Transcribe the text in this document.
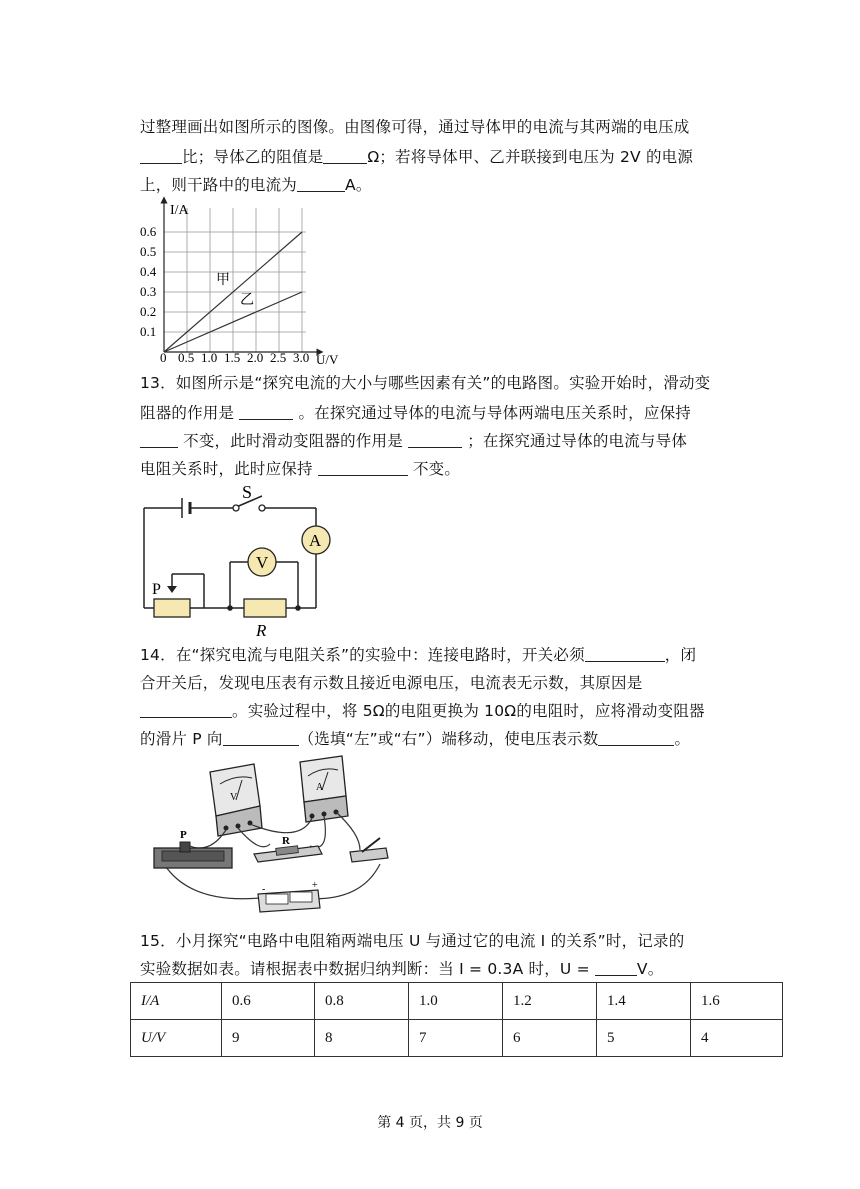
过整理画出如图所示的图像。由图像可得，通过导体甲的电流与其两端的电压成
比；导体乙的阻值是	Ω；若将导体甲、乙并联接到电压为 2V 的电源
上，则干路中的电流为	A。
I/A
U/V
0.6
0.5
0.4
0.3
0.2
0.1
0 0.5 1.0 1.5 2.0 2.5 3.0
甲
乙
13．如图所示是“探究电流的大小与哪些因素有关”的电路图。实验开始时，滑动变
阻器的作用是	。在探究通过导体的电流与导体两端电压关系时，应保持
不变，此时滑动变阻器的作用是	；在探究通过导体的电流与导体
电阻关系时，此时应保持	不变。
V
A
S
P
R
14．在“探究电流与电阻关系”的实验中：连接电路时，开关必须	，闭
合开关后，发现电压表有示数且接近电源电压，电流表无示数，其原因是
。实验过程中，将 5Ω的电阻更换为 10Ω的电阻时，应将滑动变阻器
的滑片 P 向	（选填“左”或“右”）端移动，使电压表示数	。
V
A
P	R
-	+
15．小月探究“电路中电阻箱两端电压 U 与通过它的电流 I 的关系”时，记录的
实验数据如表。请根据表中数据归纳判断：当 I = 0.3A 时，U =	V。
I/A	0.6	0.8	1.0	1.2	1.4	1.6
U/V	9	8	7	6	5	4
第 4 页，共 9 页
